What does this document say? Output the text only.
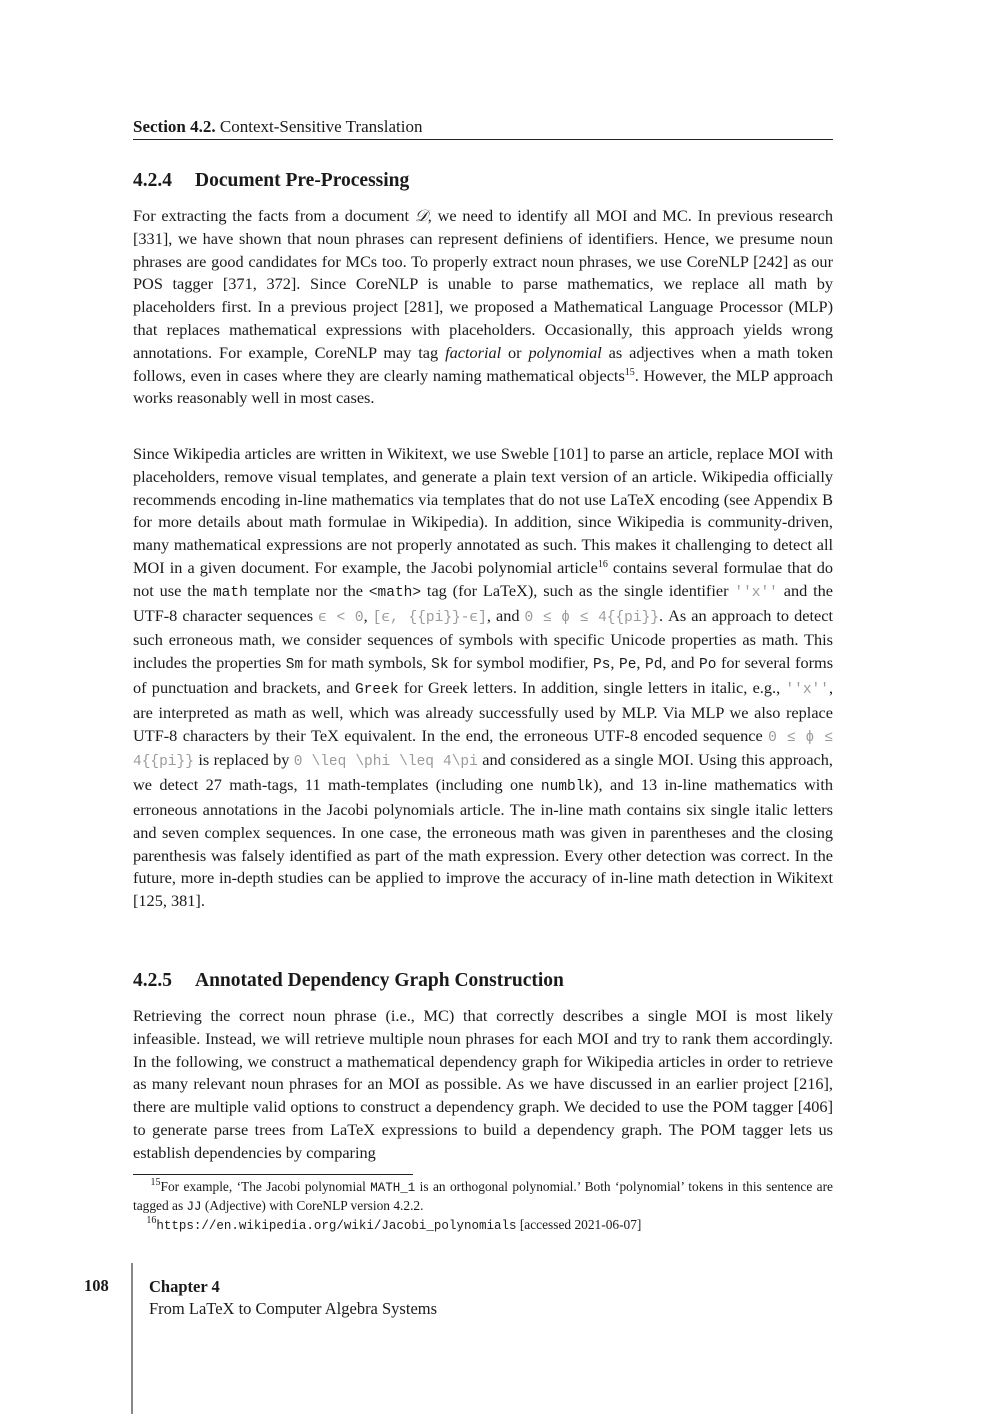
Section 4.2. Context-Sensitive Translation
4.2.4 Document Pre-Processing

For extracting the facts from a document 𝒟, we need to identify all MOI and MC. In previous research [331], we have shown that noun phrases can represent definiens of identifiers. Hence, we presume noun phrases are good candidates for MCs too. To properly extract noun phrases, we use CoreNLP [242] as our POS tagger [371, 372]. Since CoreNLP is unable to parse mathematics, we replace all math by placeholders first. In a previous project [281], we proposed a Mathematical Language Processor (MLP) that replaces mathematical expressions with placeholders. Occasionally, this approach yields wrong annotations. For example, CoreNLP may tag factorial or polynomial as adjectives when a math token follows, even in cases where they are clearly naming mathematical objects$^{15}$. However, the MLP approach works reasonably well in most cases.

Since Wikipedia articles are written in Wikitext, we use Sweble [101] to parse an article, replace MOI with placeholders, remove visual templates, and generate a plain text version of an article. Wikipedia officially recommends encoding in-line mathematics via templates that do not use LaTeX encoding (see Appendix B for more details about math formulae in Wikipedia). In addition, since Wikipedia is community-driven, many mathematical expressions are not properly annotated as such. This makes it challenging to detect all MOI in a given document. For example, the Jacobi polynomial article$^{16}$ contains several formulae that do not use the math template nor the <math> tag (for LaTeX), such as the single identifier ''x'' and the UTF-8 character sequences ϵ < 0, [ϵ, {{pi}}-ϵ], and 0 ≤ ϕ ≤ 4{{pi}}. As an approach to detect such erroneous math, we consider sequences of symbols with specific Unicode properties as math. This includes the properties Sm for math symbols, Sk for symbol modifier, Ps, Pe, Pd, and Po for several forms of punctuation and brackets, and Greek for Greek letters. In addition, single letters in italic, e.g., ''x'', are interpreted as math as well, which was already successfully used by MLP. Via MLP we also replace UTF-8 characters by their TeX equivalent. In the end, the erroneous UTF-8 encoded sequence 0 ≤ ϕ ≤ 4{{pi}} is replaced by 0 \leq \phi \leq 4\pi and considered as a single MOI. Using this approach, we detect 27 math-tags, 11 math-templates (including one numblk), and 13 in-line mathematics with erroneous annotations in the Jacobi polynomials article. The in-line math contains six single italic letters and seven complex sequences. In one case, the erroneous math was given in parentheses and the closing parenthesis was falsely identified as part of the math expression. Every other detection was correct. In the future, more in-depth studies can be applied to improve the accuracy of in-line math detection in Wikitext [125, 381].

4.2.5 Annotated Dependency Graph Construction

Retrieving the correct noun phrase (i.e., MC) that correctly describes a single MOI is most likely infeasible. Instead, we will retrieve multiple noun phrases for each MOI and try to rank them accordingly. In the following, we construct a mathematical dependency graph for Wikipedia articles in order to retrieve as many relevant noun phrases for an MOI as possible. As we have discussed in an earlier project [216], there are multiple valid options to construct a dependency graph. We decided to use the POM tagger [406] to generate parse trees from LaTeX expressions to build a dependency graph. The POM tagger lets us establish dependencies by comparing

$^{15}$For example, ‘The Jacobi polynomial MATH_1 is an orthogonal polynomial.’ Both ‘polynomial’ tokens in this sentence are tagged as JJ (Adjective) with CoreNLP version 4.2.2.

$^{16}$https://en.wikipedia.org/wiki/Jacobi_polynomials [accessed 2021-06-07]

108 Chapter 4
From LaTeX to Computer Algebra Systems
